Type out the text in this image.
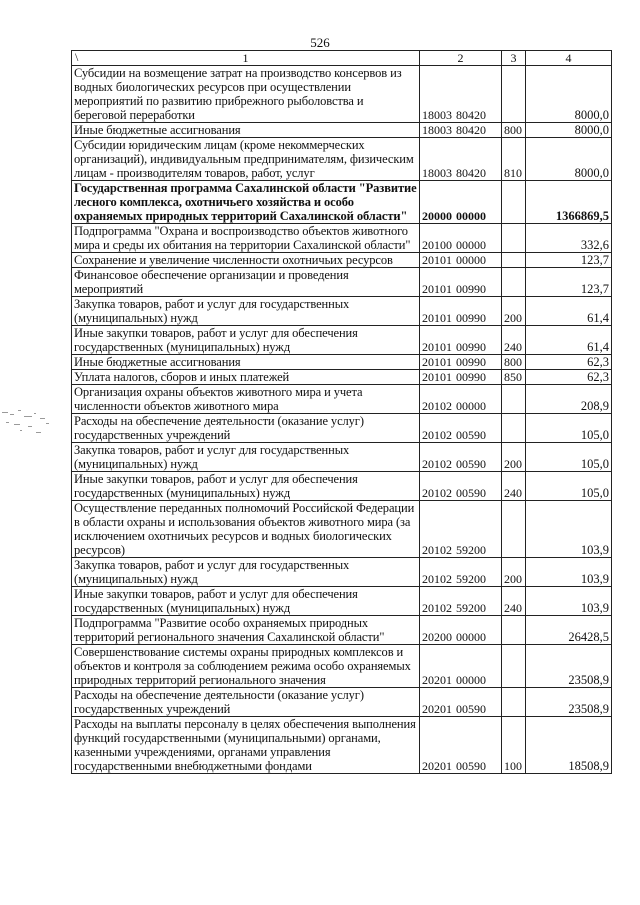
526
\ 1	2	3	4
Субсидии на возмещение затрат на производство консервов из водных биологических ресурсов при осуществлении мероприятий по развитию прибрежного рыболовства и береговой переработки	18003 80420		8000,0
Иные бюджетные ассигнования	18003 80420	800	8000,0
Субсидии юридическим лицам (кроме некоммерческих организаций), индивидуальным предпринимателям, физическим лицам - производителям товаров, работ, услуг	18003 80420	810	8000,0
Государственная программа Сахалинской области "Развитие лесного комплекса, охотничьего хозяйства и особо охраняемых природных территорий Сахалинской области"	20000 00000		1366869,5
Подпрограмма "Охрана и воспроизводство объектов животного мира и среды их обитания на территории Сахалинской области"	20100 00000		332,6
Сохранение и увеличение численности охотничьих ресурсов	20101 00000		123,7
Финансовое обеспечение организации и проведения мероприятий	20101 00990		123,7
Закупка товаров, работ и услуг для государственных (муниципальных) нужд	20101 00990	200	61,4
Иные закупки товаров, работ и услуг для обеспечения государственных (муниципальных) нужд	20101 00990	240	61,4
Иные бюджетные ассигнования	20101 00990	800	62,3
Уплата налогов, сборов и иных платежей	20101 00990	850	62,3
Организация охраны объектов животного мира и учета численности объектов животного мира	20102 00000		208,9
Расходы на обеспечение деятельности (оказание услуг) государственных учреждений	20102 00590		105,0
Закупка товаров, работ и услуг для государственных (муниципальных) нужд	20102 00590	200	105,0
Иные закупки товаров, работ и услуг для обеспечения государственных (муниципальных) нужд	20102 00590	240	105,0
Осуществление переданных полномочий Российской Федерации в области охраны и использования объектов животного мира (за исключением охотничьих ресурсов и водных биологических ресурсов)	20102 59200		103,9
Закупка товаров, работ и услуг для государственных (муниципальных) нужд	20102 59200	200	103,9
Иные закупки товаров, работ и услуг для обеспечения государственных (муниципальных) нужд	20102 59200	240	103,9
Подпрограмма "Развитие особо охраняемых природных территорий регионального значения Сахалинской области"	20200 00000		26428,5
Совершенствование системы охраны природных комплексов и объектов и контроля за соблюдением режима особо охраняемых природных территорий регионального значения	20201 00000		23508,9
Расходы на обеспечение деятельности (оказание услуг) государственных учреждений	20201 00590		23508,9
Расходы на выплаты персоналу в целях обеспечения выполнения функций государственными (муниципальными) органами, казенными учреждениями, органами управления государственными внебюджетными фондами	20201 00590	100	18508,9
